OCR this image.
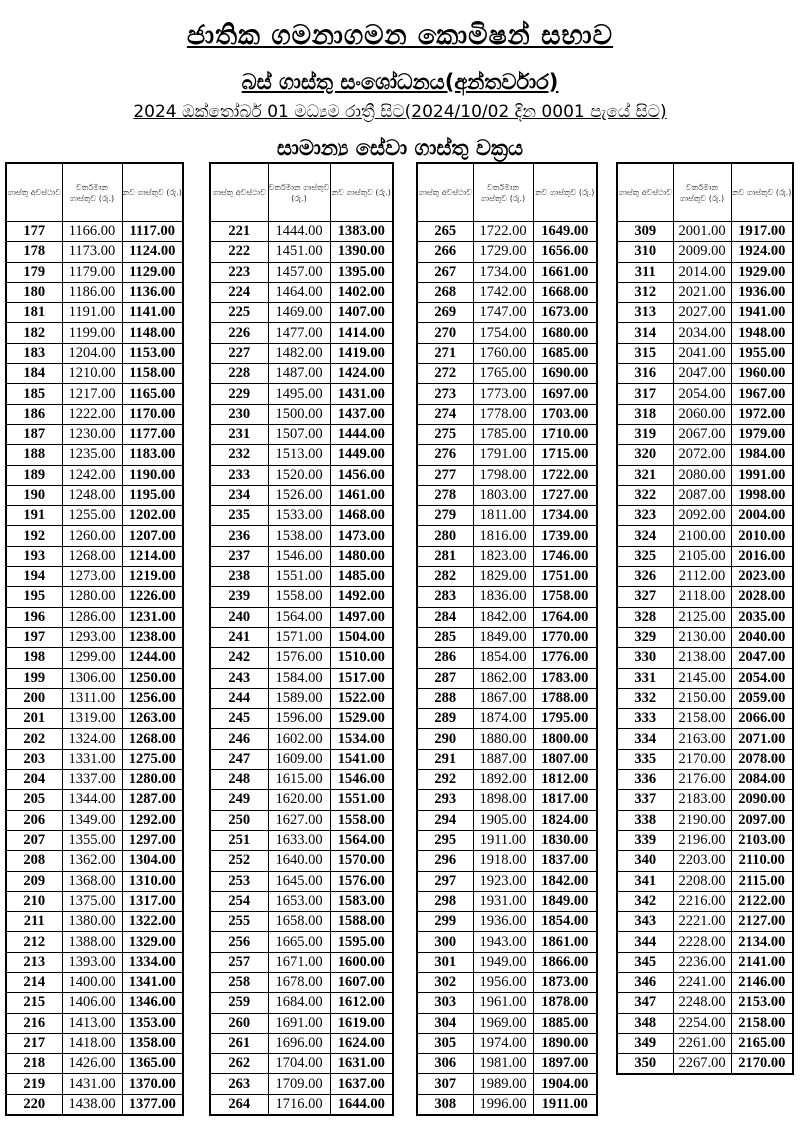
ජාතික ගමනාගමන කොමිෂන් සභාව
බස් ගාස්තු සංශෝධනය(අන්තර්වාර)
2024 ඔක්තෝබර් 01 මධ්‍යම රාත්‍රී සිට(2024/10/02 දින 0001 පැයේ සිට)
සාමාන්‍ය සේවා ගාස්තු වක්‍රය
ගාස්තු අවස්ථාව	වර්තමාන ගාස්තුව (රු.)	නව ගාස්තුව (රු.)
177	1166.00	1117.00
178	1173.00	1124.00
179	1179.00	1129.00
180	1186.00	1136.00
181	1191.00	1141.00
182	1199.00	1148.00
183	1204.00	1153.00
184	1210.00	1158.00
185	1217.00	1165.00
186	1222.00	1170.00
187	1230.00	1177.00
188	1235.00	1183.00
189	1242.00	1190.00
190	1248.00	1195.00
191	1255.00	1202.00
192	1260.00	1207.00
193	1268.00	1214.00
194	1273.00	1219.00
195	1280.00	1226.00
196	1286.00	1231.00
197	1293.00	1238.00
198	1299.00	1244.00
199	1306.00	1250.00
200	1311.00	1256.00
201	1319.00	1263.00
202	1324.00	1268.00
203	1331.00	1275.00
204	1337.00	1280.00
205	1344.00	1287.00
206	1349.00	1292.00
207	1355.00	1297.00
208	1362.00	1304.00
209	1368.00	1310.00
210	1375.00	1317.00
211	1380.00	1322.00
212	1388.00	1329.00
213	1393.00	1334.00
214	1400.00	1341.00
215	1406.00	1346.00
216	1413.00	1353.00
217	1418.00	1358.00
218	1426.00	1365.00
219	1431.00	1370.00
220	1438.00	1377.00
ගාස්තු අවස්ථාව	වර්තමාන ගාස්තුව (රු.)	නව ගාස්තුව (රු.)
221	1444.00	1383.00
222	1451.00	1390.00
223	1457.00	1395.00
224	1464.00	1402.00
225	1469.00	1407.00
226	1477.00	1414.00
227	1482.00	1419.00
228	1487.00	1424.00
229	1495.00	1431.00
230	1500.00	1437.00
231	1507.00	1444.00
232	1513.00	1449.00
233	1520.00	1456.00
234	1526.00	1461.00
235	1533.00	1468.00
236	1538.00	1473.00
237	1546.00	1480.00
238	1551.00	1485.00
239	1558.00	1492.00
240	1564.00	1497.00
241	1571.00	1504.00
242	1576.00	1510.00
243	1584.00	1517.00
244	1589.00	1522.00
245	1596.00	1529.00
246	1602.00	1534.00
247	1609.00	1541.00
248	1615.00	1546.00
249	1620.00	1551.00
250	1627.00	1558.00
251	1633.00	1564.00
252	1640.00	1570.00
253	1645.00	1576.00
254	1653.00	1583.00
255	1658.00	1588.00
256	1665.00	1595.00
257	1671.00	1600.00
258	1678.00	1607.00
259	1684.00	1612.00
260	1691.00	1619.00
261	1696.00	1624.00
262	1704.00	1631.00
263	1709.00	1637.00
264	1716.00	1644.00
ගාස්තු අවස්ථාව	වර්තමාන ගාස්තුව (රු.)	නව ගාස්තුව (රු.)
265	1722.00	1649.00
266	1729.00	1656.00
267	1734.00	1661.00
268	1742.00	1668.00
269	1747.00	1673.00
270	1754.00	1680.00
271	1760.00	1685.00
272	1765.00	1690.00
273	1773.00	1697.00
274	1778.00	1703.00
275	1785.00	1710.00
276	1791.00	1715.00
277	1798.00	1722.00
278	1803.00	1727.00
279	1811.00	1734.00
280	1816.00	1739.00
281	1823.00	1746.00
282	1829.00	1751.00
283	1836.00	1758.00
284	1842.00	1764.00
285	1849.00	1770.00
286	1854.00	1776.00
287	1862.00	1783.00
288	1867.00	1788.00
289	1874.00	1795.00
290	1880.00	1800.00
291	1887.00	1807.00
292	1892.00	1812.00
293	1898.00	1817.00
294	1905.00	1824.00
295	1911.00	1830.00
296	1918.00	1837.00
297	1923.00	1842.00
298	1931.00	1849.00
299	1936.00	1854.00
300	1943.00	1861.00
301	1949.00	1866.00
302	1956.00	1873.00
303	1961.00	1878.00
304	1969.00	1885.00
305	1974.00	1890.00
306	1981.00	1897.00
307	1989.00	1904.00
308	1996.00	1911.00
ගාස්තු අවස්ථාව	වර්තමාන ගාස්තුව (රු.)	නව ගාස්තුව (රු.)
309	2001.00	1917.00
310	2009.00	1924.00
311	2014.00	1929.00
312	2021.00	1936.00
313	2027.00	1941.00
314	2034.00	1948.00
315	2041.00	1955.00
316	2047.00	1960.00
317	2054.00	1967.00
318	2060.00	1972.00
319	2067.00	1979.00
320	2072.00	1984.00
321	2080.00	1991.00
322	2087.00	1998.00
323	2092.00	2004.00
324	2100.00	2010.00
325	2105.00	2016.00
326	2112.00	2023.00
327	2118.00	2028.00
328	2125.00	2035.00
329	2130.00	2040.00
330	2138.00	2047.00
331	2145.00	2054.00
332	2150.00	2059.00
333	2158.00	2066.00
334	2163.00	2071.00
335	2170.00	2078.00
336	2176.00	2084.00
337	2183.00	2090.00
338	2190.00	2097.00
339	2196.00	2103.00
340	2203.00	2110.00
341	2208.00	2115.00
342	2216.00	2122.00
343	2221.00	2127.00
344	2228.00	2134.00
345	2236.00	2141.00
346	2241.00	2146.00
347	2248.00	2153.00
348	2254.00	2158.00
349	2261.00	2165.00
350	2267.00	2170.00
